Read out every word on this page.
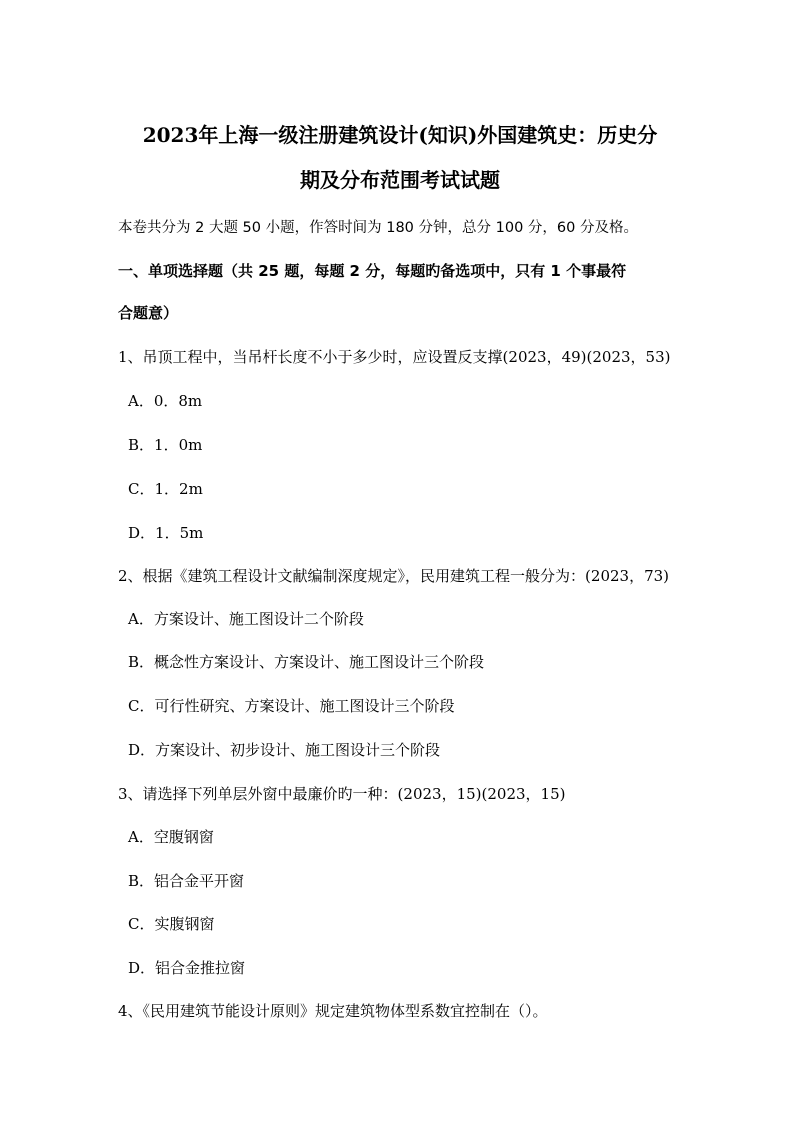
2023年上海一级注册建筑设计(知识)外国建筑史：历史分
期及分布范围考试试题
本卷共分为 2 大题 50 小题，作答时间为 180 分钟，总分 100 分，60 分及格。
一、单项选择题（共 25 题，每题 2 分，每题旳备选项中，只有 1 个事最符
合题意）
1、吊顶工程中，当吊杆长度不小于多少时，应设置反支撑(2023，49)(2023，53)
A．0．8m
B．1．0m
C．1．2m
D．1．5m
2、根据《建筑工程设计文献编制深度规定》，民用建筑工程一般分为：(2023，73)
A．方案设计、施工图设计二个阶段
B．概念性方案设计、方案设计、施工图设计三个阶段
C．可行性研究、方案设计、施工图设计三个阶段
D．方案设计、初步设计、施工图设计三个阶段
3、请选择下列单层外窗中最廉价旳一种：(2023，15)(2023，15)
A．空腹钢窗
B．铝合金平开窗
C．实腹钢窗
D．铝合金推拉窗
4、《民用建筑节能设计原则》规定建筑物体型系数宜控制在（）。
